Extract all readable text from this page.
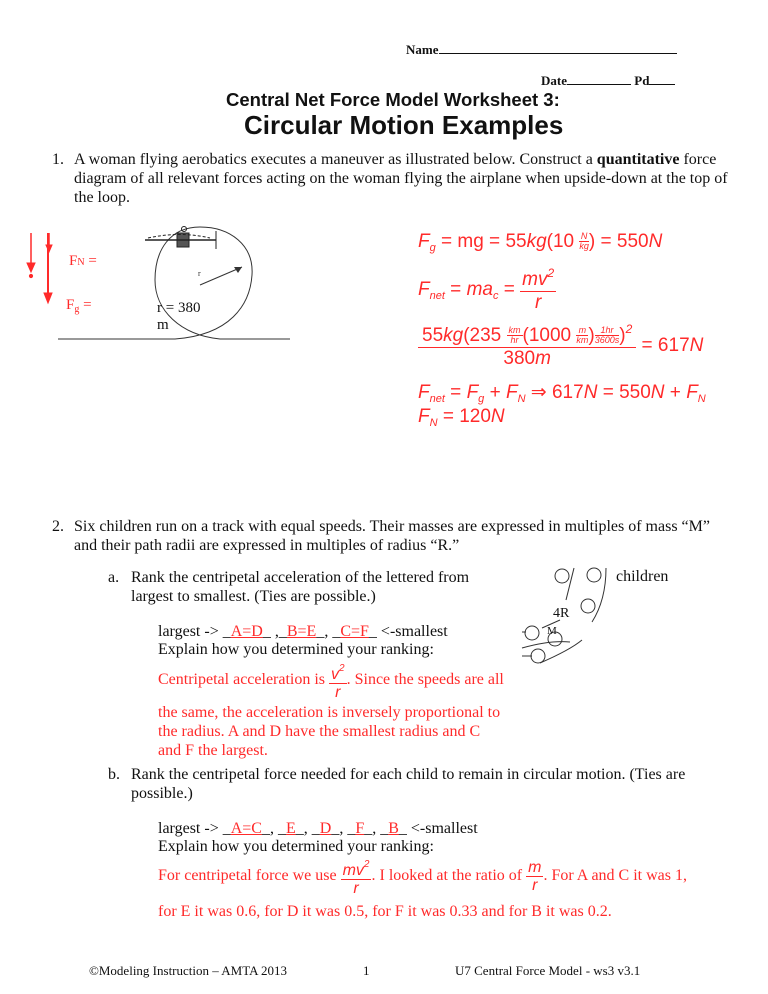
Name
Date	Pd
Central Net Force Model Worksheet 3:
Circular Motion Examples
1. A woman flying aerobatics executes a maneuver as illustrated below. Construct a quantitative force diagram of all relevant forces acting on the woman flying the airplane when upside-down at the top of the loop.
FN =
$F_g$ =
r
r = 380
m
$F_g$ = mg = $55kg(10 \frac{N}{kg}$ ) = 550N
$F_{net} = ma_c = \frac{mv^2}{r}$
$\frac{55kg(235 \frac{km}{hr} (1000 \frac{m}{km} ) \frac{1hr}{3600s} )^2}{380m} = 617N$
$F_{net} = F_g + F_N$ ⇒ $617N = 550N + F_N$
$F_N = 120N$
2. Six children run on a track with equal speeds. Their masses are expressed in multiples of mass “M” and their path radii are expressed in multiples of radius “R.”
children
4R
M
a. Rank the centripetal acceleration of the lettered from largest to smallest. (Ties are possible.)
largest -> _A=D_ ,_B=E_, _C=F_ <-smallest
Explain how you determined your ranking:
Centripetal acceleration is $\frac{v^2}{r}$ . Since the speeds are all
the same, the acceleration is inversely proportional to the radius. A and D have the smallest radius and C and F the largest.
b. Rank the centripetal force needed for each child to remain in circular motion. (Ties are possible.)
largest -> _A=C_, _E_, _D_, _F_, _B_ <-smallest
Explain how you determined your ranking:
For centripetal force we use $\frac{mv^2}{r}$ . I looked at the ratio of $\frac{m}{r}$ . For A and C it was 1,
for E it was 0.6, for D it was 0.5, for F it was 0.33 and for B it was 0.2.
©Modeling Instruction – AMTA 2013	1	U7 Central Force Model - ws3 v3.1
